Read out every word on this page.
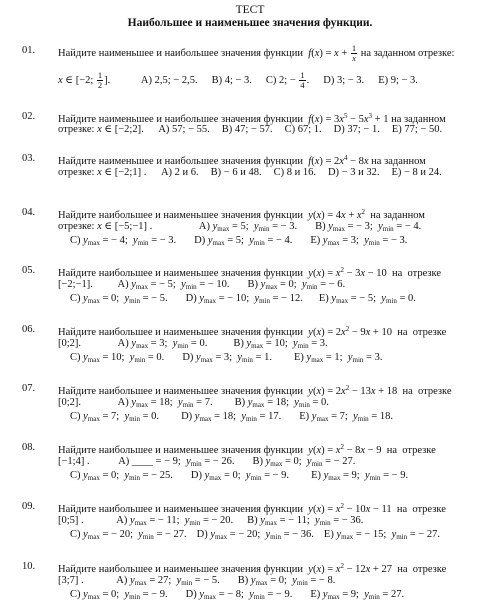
ТЕСТ
Наибольшее и наименьшее значения функции.
01. Найдите наименьшее и наибольшее значения функции  $f(x) = x + \frac{1}{x}$ на заданном отрезке:
x ∈ [−2; $\frac{1}{2}$ ].	A) 2,5; − 2,5. B) 4; − 3. C) 2; − $\frac{1}{4}$ . D) 3; − 3. E) 9; − 3.
02. Найдите наименьшее и наибольшее значения функции  $f(x) = 3x^5 - 5x^3 + 1$ на заданном
отрезке: x ∈ [−2;2]. A) 57; − 55. B) 47; − 57. C) 67; 1. D) 37; − 1. E) 77; − 50.
03. Найдите наименьшее и наибольшее значения функции  $f(x) = 2x^4 - 8x$ на заданном
отрезке: x ∈ [−2;1] . A) 2 и 6. B) − 6 и 48. C) 8 и 16. D) − 3 и 32. E) − 8 и 24.
04. Найдите наибольшее и наименьшее значения функции  $y(x) = 4x + x^2$  на заданном
отрезке: x ∈ [−5;−1] .	A) $y_{max} = 5$;  $y_{min}$ = − 3. B) $y_{max}$ = − 3;  $y_{min}$ = − 4.
C) $y_{max}$ = − 4;  $y_{min}$ = − 3. D) $y_{max} = 5$;  $y_{min}$ = − 4. E) $y_{max} = 3$;  $y_{min}$ = − 3.
05. Найдите наибольшее и наименьшее значения функции  $y(x) = x^2 - 3x - 10$  на  отрезке
[−2;−1]. A) $y_{max}$ = − 5;  $y_{min}$ = − 10. B) $y_{max} = 0$;  $y_{min}$ = − 6.
C) $y_{max} = 0$;  $y_{min}$ = − 5. D) $y_{max}$ = − 10;  $y_{min}$ = − 12. E) $y_{max}$ = − 5;  $y_{min} = 0$.
06. Найдите наибольшее и наименьшее значения функции  $y(x) = 2x^2 - 9x + 10$  на  отрезке
[0;2].	A) $y_{max} = 3$;  $y_{min} = 0$. B) $y_{max} = 10$;  $y_{min} = 3$.
C) $y_{max} = 10$;  $y_{min} = 0$. D) $y_{max} = 3$;  $y_{min} = 1$. E) $y_{max} = 1$;  $y_{min} = 3$.
07. Найдите наибольшее и наименьшее значения функции  $y(x) = 2x^2 - 13x + 18$  на  отрезке
[0;2].	A) $y_{max} = 18$;  $y_{min} = 7$. B) $y_{max} = 18$;  $y_{min} = 0$.
C) $y_{max} = 7$;  $y_{min} = 0$. D) $y_{max} = 18$;  $y_{min} = 17$. E) $y_{max} = 7$;  $y_{min} = 18$.
08. Найдите наибольшее и наименьшее значения функции  $y(x) = x^2 - 8x - 9$  на  отрезке
[−1;4] . A) ____ = − 9;  $y_{min}$ = − 26. B) $y_{max} = 0$;  $y_{min}$ = − 27.
C) $y_{max} = 0$;  $y_{min}$ = − 25. D) $y_{max} = 0$;  $y_{min}$ = − 9. E) $y_{max} = 9$;  $y_{min}$ = − 9.
09. Найдите наибольшее и наименьшее значения функции  $y(x) = x^2 - 10x - 11$  на  отрезке
[0;5] .	A) $y_{max}$ = − 11;  $y_{min}$ = − 20. B) $y_{max}$ = − 11;  $y_{min}$ = − 36.
C) $y_{max}$ = − 20;  $y_{min}$ = − 27. D) $y_{max}$ = − 20;  $y_{min}$ = − 36. E) $y_{max}$ = − 15;  $y_{min}$ = − 27.
10. Найдите наибольшее и наименьшее значения функции  $y(x) = x^2 - 12x + 27$  на  отрезке
[3;7] .	A) $y_{max} = 27$;  $y_{min}$ = − 5. B) $y_{max} = 0$;  $y_{min}$ = − 8.
C) $y_{max} = 0$;  $y_{min}$ = − 9. D) $y_{max}$ = − 8;  $y_{min}$ = − 9. E) $y_{max} = 9$;  $y_{min} = 27$.
